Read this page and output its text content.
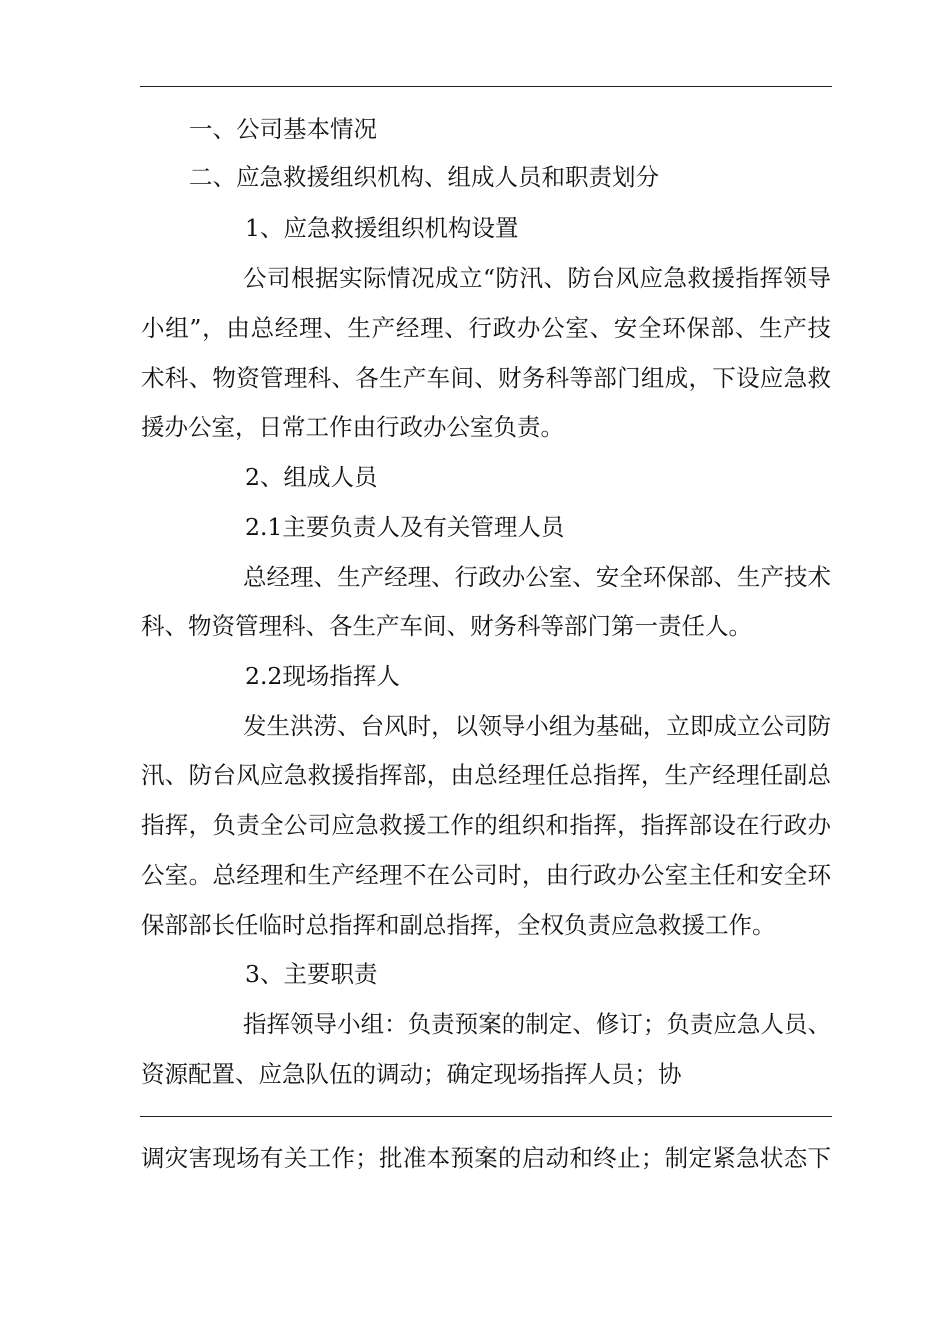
一、公司基本情况
二、应急救援组织机构、组成人员和职责划分
1、应急救援组织机构设置
公司根据实际情况成立“防汛、防台风应急救援指挥领导
小组”，由总经理、生产经理、行政办公室、安全环保部、生产技
术科、物资管理科、各生产车间、财务科等部门组成，下设应急救
援办公室，日常工作由行政办公室负责。
2、组成人员
2.1主要负责人及有关管理人员
总经理、生产经理、行政办公室、安全环保部、生产技术
科、物资管理科、各生产车间、财务科等部门第一责任人。
2.2现场指挥人
发生洪涝、台风时，以领导小组为基础，立即成立公司防
汛、防台风应急救援指挥部，由总经理任总指挥，生产经理任副总
指挥，负责全公司应急救援工作的组织和指挥，指挥部设在行政办
公室。总经理和生产经理不在公司时，由行政办公室主任和安全环
保部部长任临时总指挥和副总指挥，全权负责应急救援工作。
3、主要职责
指挥领导小组：负责预案的制定、修订；负责应急人员、
资源配置、应急队伍的调动；确定现场指挥人员；协
调灾害现场有关工作；批准本预案的启动和终止；制定紧急状态下
